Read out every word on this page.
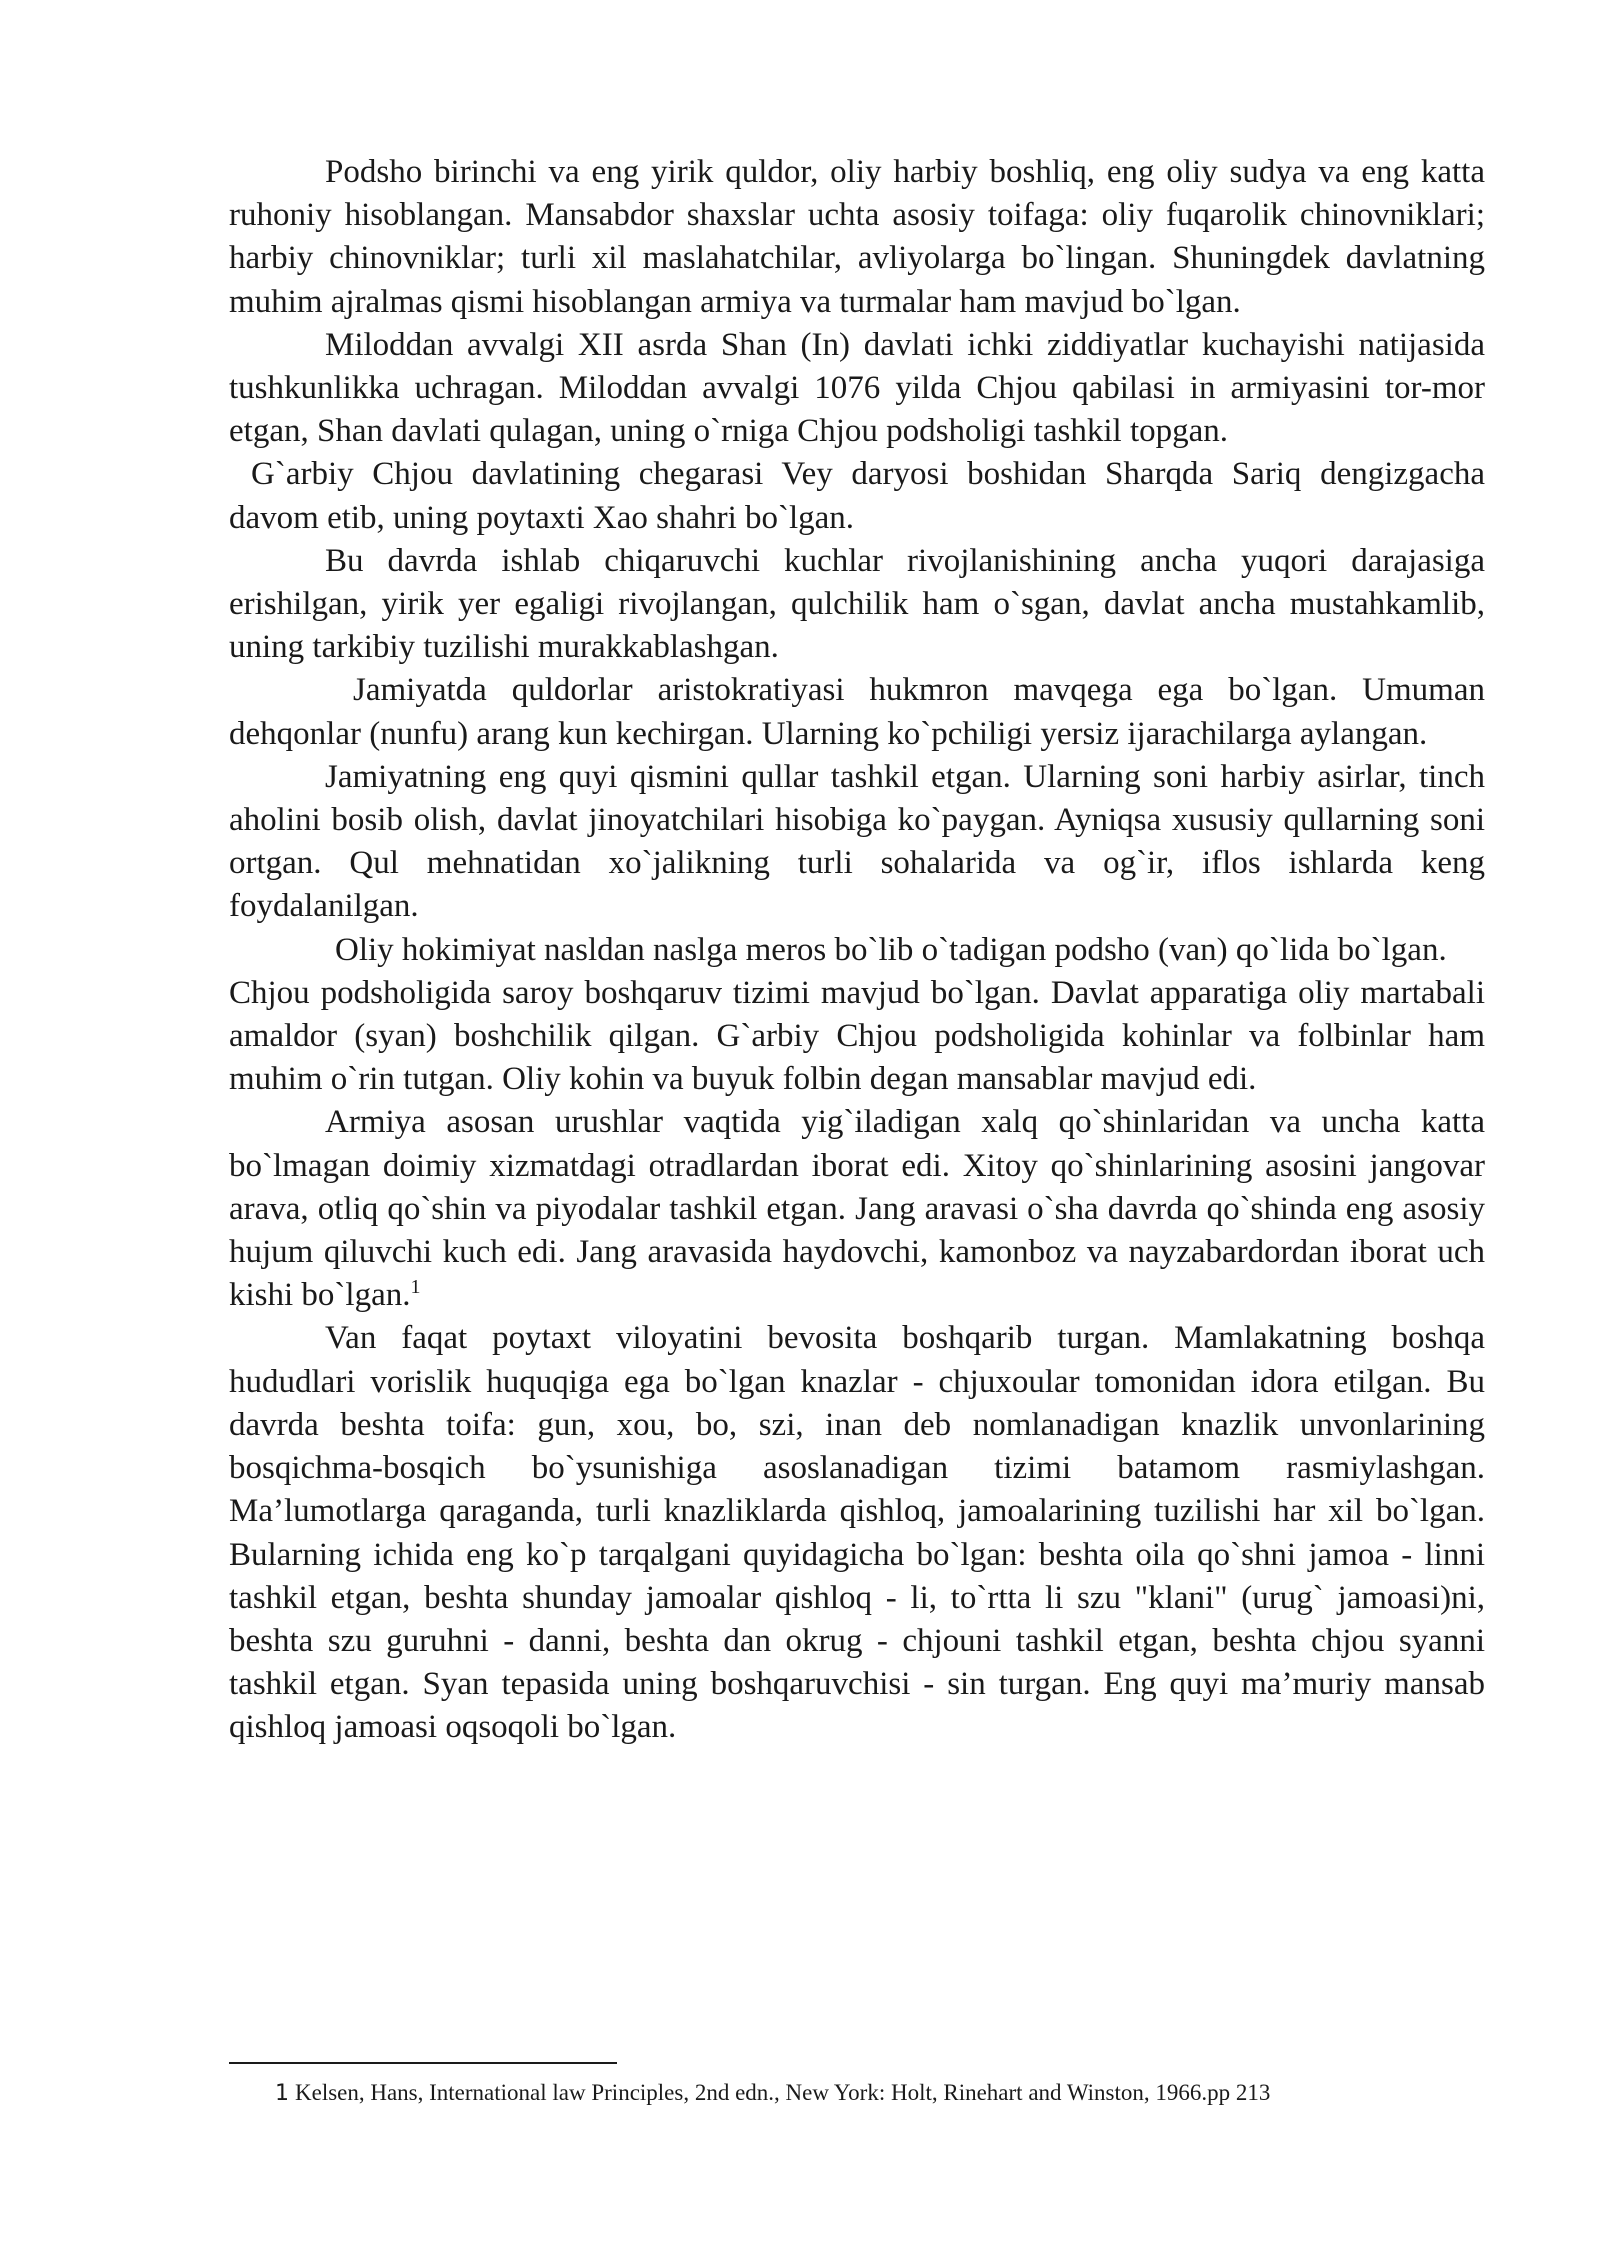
Podsho birinchi va eng yirik quldor, oliy harbiy boshliq, eng oliy sudya va eng katta ruhoniy hisoblangan. Mansabdor shaxslar uchta asosiy toifaga: oliy fuqarolik chinovniklari; harbiy chinovniklar; turli xil maslahatchilar, avliyolarga bo`lingan. Shuningdek davlatning muhim ajralmas qismi hisoblangan armiya va turmalar ham mavjud bo`lgan.

Miloddan avvalgi XII asrda Shan (In) davlati ichki ziddiyatlar kuchayishi natijasida tushkunlikka uchragan. Miloddan avvalgi 1076 yilda Chjou qabilasi in armiyasini tor-mor etgan, Shan davlati qulagan, uning o`rniga Chjou podsholigi tashkil topgan.

G`arbiy Chjou davlatining chegarasi Vey daryosi boshidan Sharqda Sariq dengizgacha davom etib, uning poytaxti Xao shahri bo`lgan.

Bu davrda ishlab chiqaruvchi kuchlar rivojlanishining ancha yuqori darajasiga erishilgan, yirik yer egaligi rivojlangan, qulchilik ham o`sgan, davlat ancha mustahkamlib, uning tarkibiy tuzilishi murakkablashgan.

Jamiyatda quldorlar aristokratiyasi hukmron mavqega ega bo`lgan. Umuman dehqonlar (nunfu) arang kun kechirgan. Ularning ko`pchiligi yersiz ijarachilarga aylangan.

Jamiyatning eng quyi qismini qullar tashkil etgan. Ularning soni harbiy asirlar, tinch aholini bosib olish, davlat jinoyatchilari hisobiga ko`paygan. Ayniqsa xususiy qullarning soni ortgan. Qul mehnatidan xo`jalikning turli sohalarida va og`ir, iflos ishlarda keng foydalanilgan.

Oliy hokimiyat nasldan naslga meros bo`lib o`tadigan podsho (van) qo`lida bo`lgan.

Chjou podsholigida saroy boshqaruv tizimi mavjud bo`lgan. Davlat apparatiga oliy martabali amaldor (syan) boshchilik qilgan. G`arbiy Chjou podsholigida kohinlar va folbinlar ham muhim o`rin tutgan. Oliy kohin va buyuk folbin degan mansablar mavjud edi.

Armiya asosan urushlar vaqtida yig`iladigan xalq qo`shinlaridan va uncha katta bo`lmagan doimiy xizmatdagi otradlardan iborat edi. Xitoy qo`shinlarining asosini jangovar arava, otliq qo`shin va piyodalar tashkil etgan. Jang aravasi o`sha davrda qo`shinda eng asosiy hujum qiluvchi kuch edi. Jang aravasida haydovchi, kamonboz va nayzabardordan iborat uch kishi bo`lgan.$^1$

Van faqat poytaxt viloyatini bevosita boshqarib turgan. Mamlakatning boshqa hududlari vorislik huquqiga ega bo`lgan knazlar - chjuxoular tomonidan idora etilgan. Bu davrda beshta toifa: gun, xou, bo, szi, inan deb nomlanadigan knazlik unvonlarining bosqichma-bosqich bo`ysunishiga asoslanadigan tizimi batamom rasmiylashgan. Ma’lumotlarga qaraganda, turli knazliklarda qishloq, jamoalarining tuzilishi har xil bo`lgan. Bularning ichida eng ko`p tarqalgani quyidagicha bo`lgan: beshta oila qo`shni jamoa - linni tashkil etgan, beshta shunday jamoalar qishloq - li, to`rtta li szu "klani" (urug` jamoasi)ni, beshta szu guruhni - danni, beshta dan okrug - chjouni tashkil etgan, beshta chjou syanni tashkil etgan. Syan tepasida uning boshqaruvchisi - sin turgan. Eng quyi ma’muriy mansab qishloq jamoasi oqsoqoli bo`lgan.

1 Kelsen, Hans, International law Principles, 2nd edn., New York: Holt, Rinehart and Winston, 1966.pp 213
